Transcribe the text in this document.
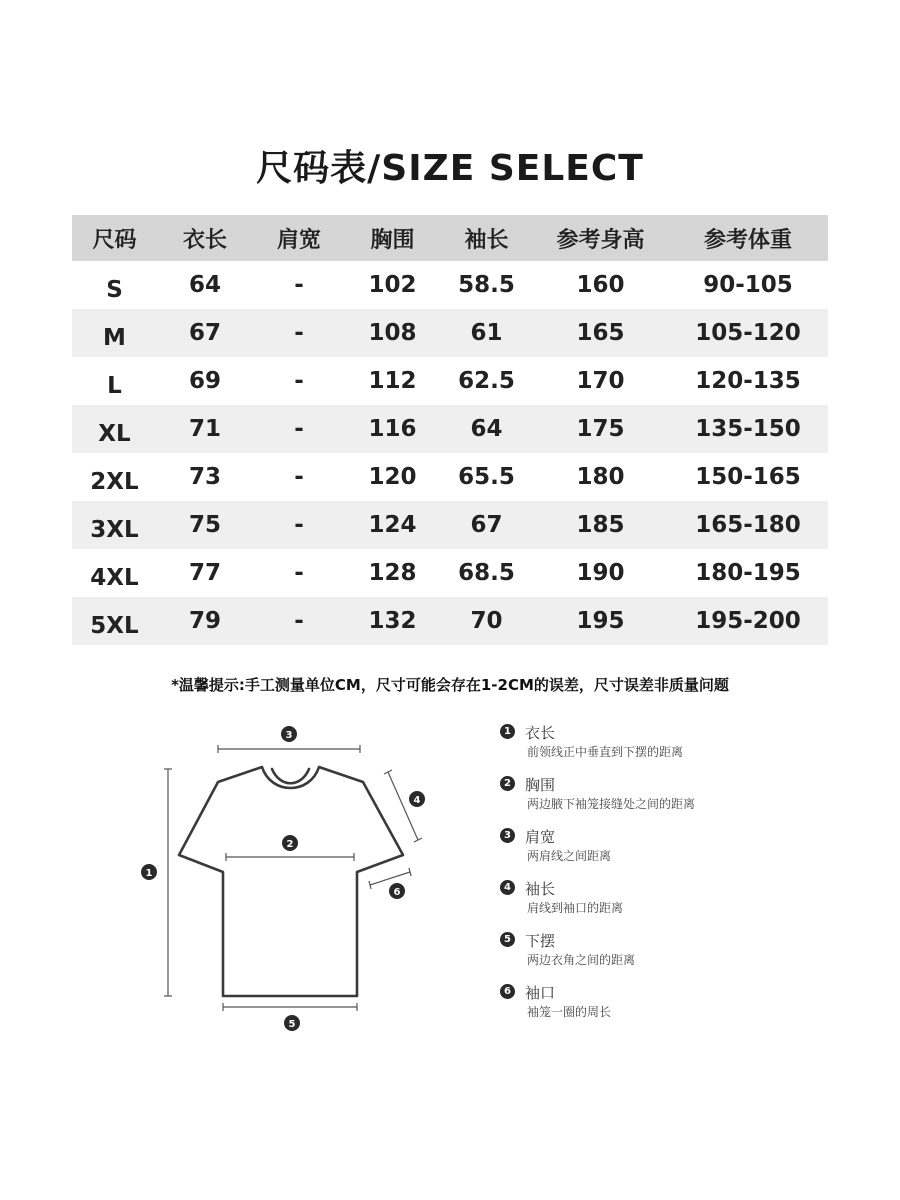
尺码表/SIZE SELECT
尺码	衣长	肩宽	胸围	袖长	参考身高	参考体重
S	64	-	102	58.5	160	90-105
M	67	-	108	61	165	105-120
L	69	-	112	62.5	170	120-135
XL	71	-	116	64	175	135-150
2XL	73	-	120	65.5	180	150-165
3XL	75	-	124	67	185	165-180
4XL	77	-	128	68.5	190	180-195
5XL	79	-	132	70	195	195-200
*温馨提示:手工测量单位CM，尺寸可能会存在1-2CM的误差，尺寸误差非质量问题
3
2
1
4
6
5
1 衣长
前领线正中垂直到下摆的距离
2 胸围
两边腋下袖笼接缝处之间的距离
3 肩宽
两肩线之间距离
4 袖长
肩线到袖口的距离
5 下摆
两边衣角之间的距离
6 袖口
袖笼一圈的周长
